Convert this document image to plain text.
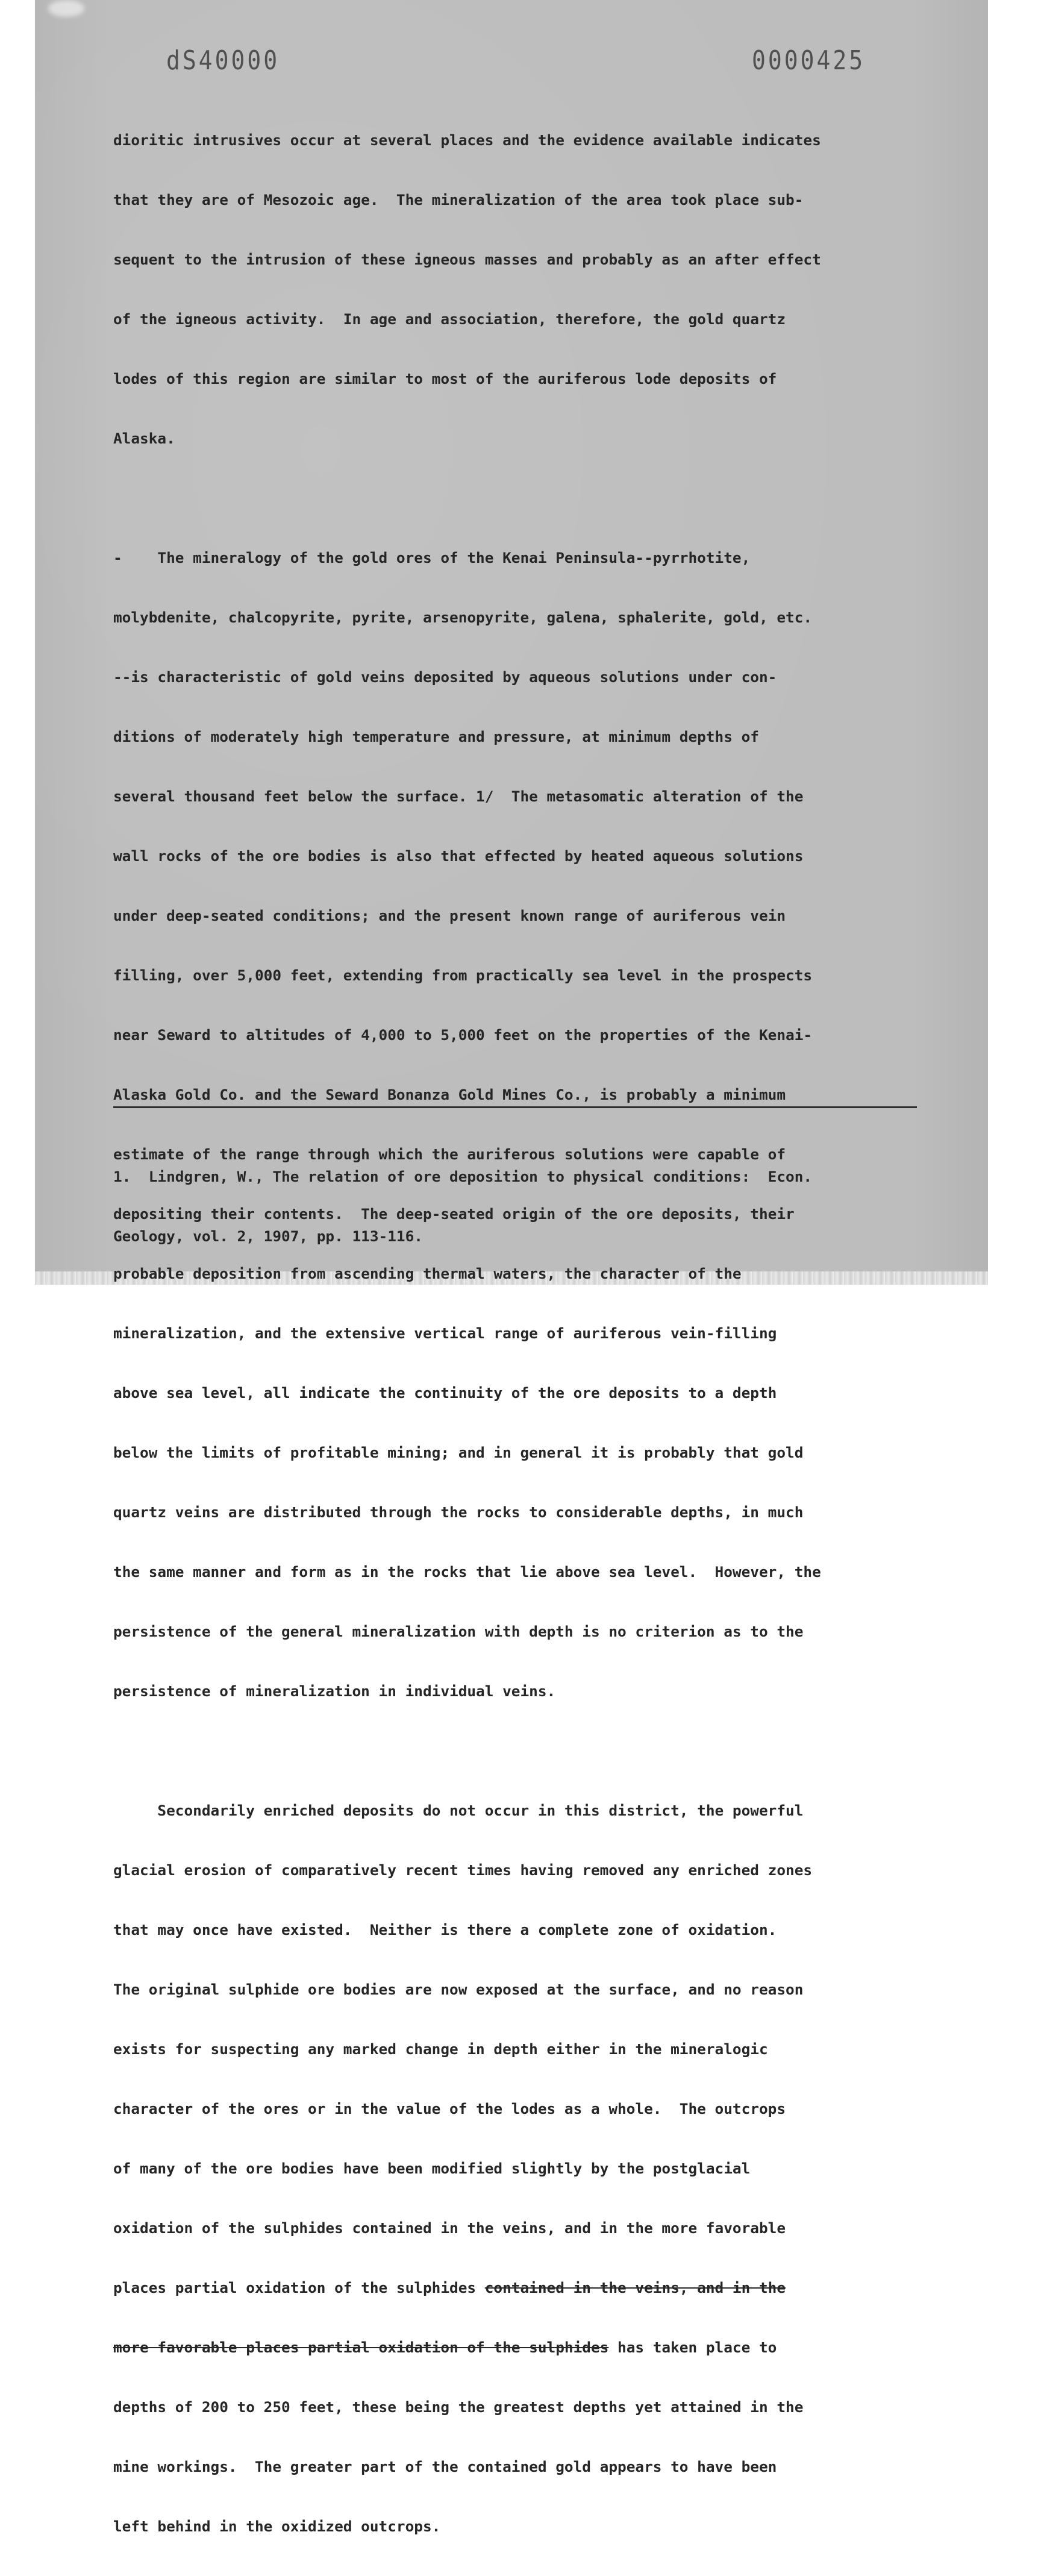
dS40000	0000425

dioritic intrusives occur at several places and the evidence available indicates

that they are of Mesozoic age.  The mineralization of the area took place sub-

sequent to the intrusion of these igneous masses and probably as an after effect

of the igneous activity.  In age and association, therefore, the gold quartz

lodes of this region are similar to most of the auriferous lode deposits of

Alaska.

-    The mineralogy of the gold ores of the Kenai Peninsula--pyrrhotite,

molybdenite, chalcopyrite, pyrite, arsenopyrite, galena, sphalerite, gold, etc.

--is characteristic of gold veins deposited by aqueous solutions under con-

ditions of moderately high temperature and pressure, at minimum depths of

several thousand feet below the surface. 1/  The metasomatic alteration of the

wall rocks of the ore bodies is also that effected by heated aqueous solutions

under deep-seated conditions; and the present known range of auriferous vein

filling, over 5,000 feet, extending from practically sea level in the prospects

near Seward to altitudes of 4,000 to 5,000 feet on the properties of the Kenai-

Alaska Gold Co. and the Seward Bonanza Gold Mines Co., is probably a minimum

estimate of the range through which the auriferous solutions were capable of

depositing their contents.  The deep-seated origin of the ore deposits, their

probable deposition from ascending thermal waters, the character of the

mineralization, and the extensive vertical range of auriferous vein-filling

above sea level, all indicate the continuity of the ore deposits to a depth

below the limits of profitable mining; and in general it is probably that gold

quartz veins are distributed through the rocks to considerable depths, in much

the same manner and form as in the rocks that lie above sea level.  However, the

persistence of the general mineralization with depth is no criterion as to the

persistence of mineralization in individual veins.

Secondarily enriched deposits do not occur in this district, the powerful

glacial erosion of comparatively recent times having removed any enriched zones

that may once have existed.  Neither is there a complete zone of oxidation.

The original sulphide ore bodies are now exposed at the surface, and no reason

exists for suspecting any marked change in depth either in the mineralogic

character of the ores or in the value of the lodes as a whole.  The outcrops

of many of the ore bodies have been modified slightly by the postglacial

oxidation of the sulphides contained in the veins, and in the more favorable

places partial oxidation of the sulphides contained in the veins, and in the

more favorable places partial oxidation of the sulphides has taken place to

depths of 200 to 250 feet, these being the greatest depths yet attained in the

mine workings.  The greater part of the contained gold appears to have been

left behind in the oxidized outcrops.

1.  Lindgren, W., The relation of ore deposition to physical conditions:  Econ.

Geology, vol. 2, 1907, pp. 113-116.
